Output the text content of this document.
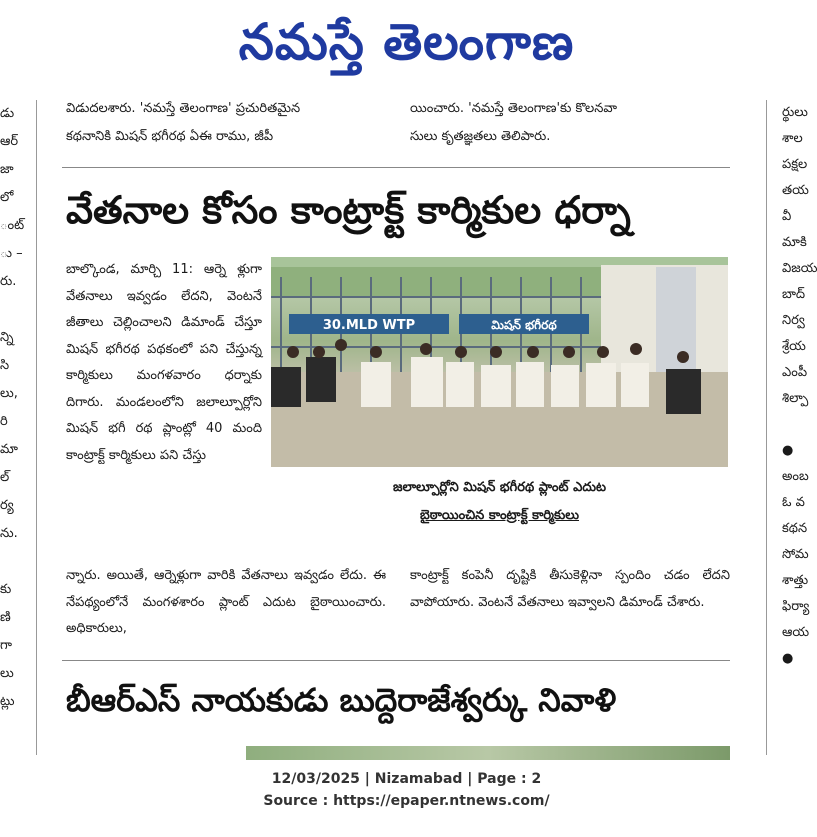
నమస్తే తెలంగాణ
డు
ఆర్
జా
లో
ంట్
ు –
రు.

న్ని
సి
లు,
రి
మా
ల్
ర్య
ను.

కు
ణి
గా
లు
ట్లు
ర్థులు
శాల
పక్షల
తయ
వీ
మాకి
విజయ
బాద్
నిర్వ
శ్రేయ
ఎంపీ
శిల్పా

●
అంబ
ఓ వ
కథన
సోమ
శాత్తు
ఫిర్యా
ఆయ
●
విడుదలశారు. 'నమస్తే తెలంగాణ' ప్రచురితమైన
కథనానికి మిషన్ భగీరథ ఏఈ రాము, జీపీ
యించారు. 'నమస్తే తెలంగాణ'కు కొలనవా
సులు కృతజ్ఞతలు తెలిపారు.
వేతనాల కోసం కాంట్రాక్ట్ కార్మికుల ధర్నా
బాల్కొండ, మార్చి 11: ఆర్నె ళ్లుగా వేతనాలు ఇవ్వడం లేదని, వెంటనే జీతాలు చెల్లించాలని డిమాండ్ చేస్తూ మిషన్ భగీరథ పథకంలో పని చేస్తున్న కార్మికులు మంగళవారం ధర్నాకు దిగారు. మండలంలోని జలాల్పూర్లోని మిషన్ భగీ రథ ప్లాంట్లో 40 మంది కాంట్రాక్ట్ కార్మికులు పని చేస్తు
30.MLD WTP	మిషన్ భగీరథ
జలాల్పూర్లోని మిషన్ భగీరథ ప్లాంట్ ఎదుట
బైఠాయించిన కాంట్రాక్ట్ కార్మికులు
న్నారు. అయితే, ఆర్నెళ్లుగా వారికి వేతనాలు ఇవ్వడం లేదు. ఈ నేపథ్యంలోనే మంగళశారం ప్లాంట్ ఎదుట బైఠాయించారు. అధికారులు,
కాంట్రాక్ట్ కంపెనీ దృష్టికి తీసుకెళ్లినా స్పందిం చడం లేదని వాపోయారు. వెంటనే వేతనాలు ఇవ్వాలని డిమాండ్ చేశారు.
బీఆర్ఎస్ నాయకుడు బుద్దెరాజేశ్వర్కు నివాళి
12/03/2025 | Nizamabad | Page : 2
Source : https://epaper.ntnews.com/
